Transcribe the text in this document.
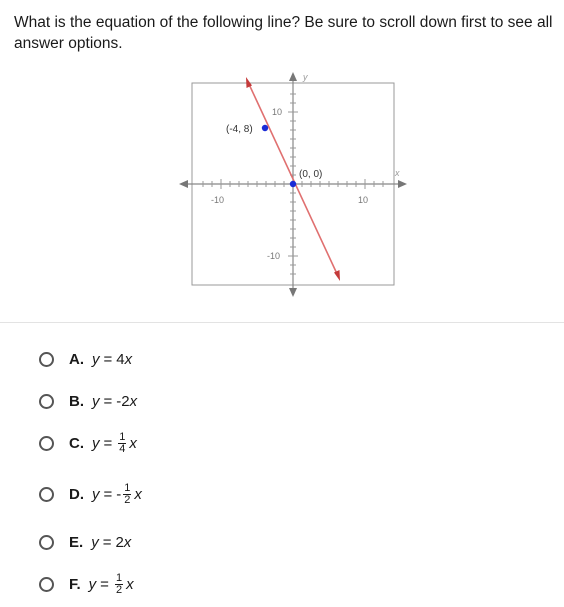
What is the equation of the following line? Be sure to scroll down first to see all answer options.
y
x
-10	10
10
-10
(-4, 8)
(0, 0)
A. y = 4 x
B. y = -2 x
C. $y = \frac{1}{4}$ x
D. y = - $\frac{1}{2}$ x
E. y = 2 x
F. $y = \frac{1}{2}$ x
